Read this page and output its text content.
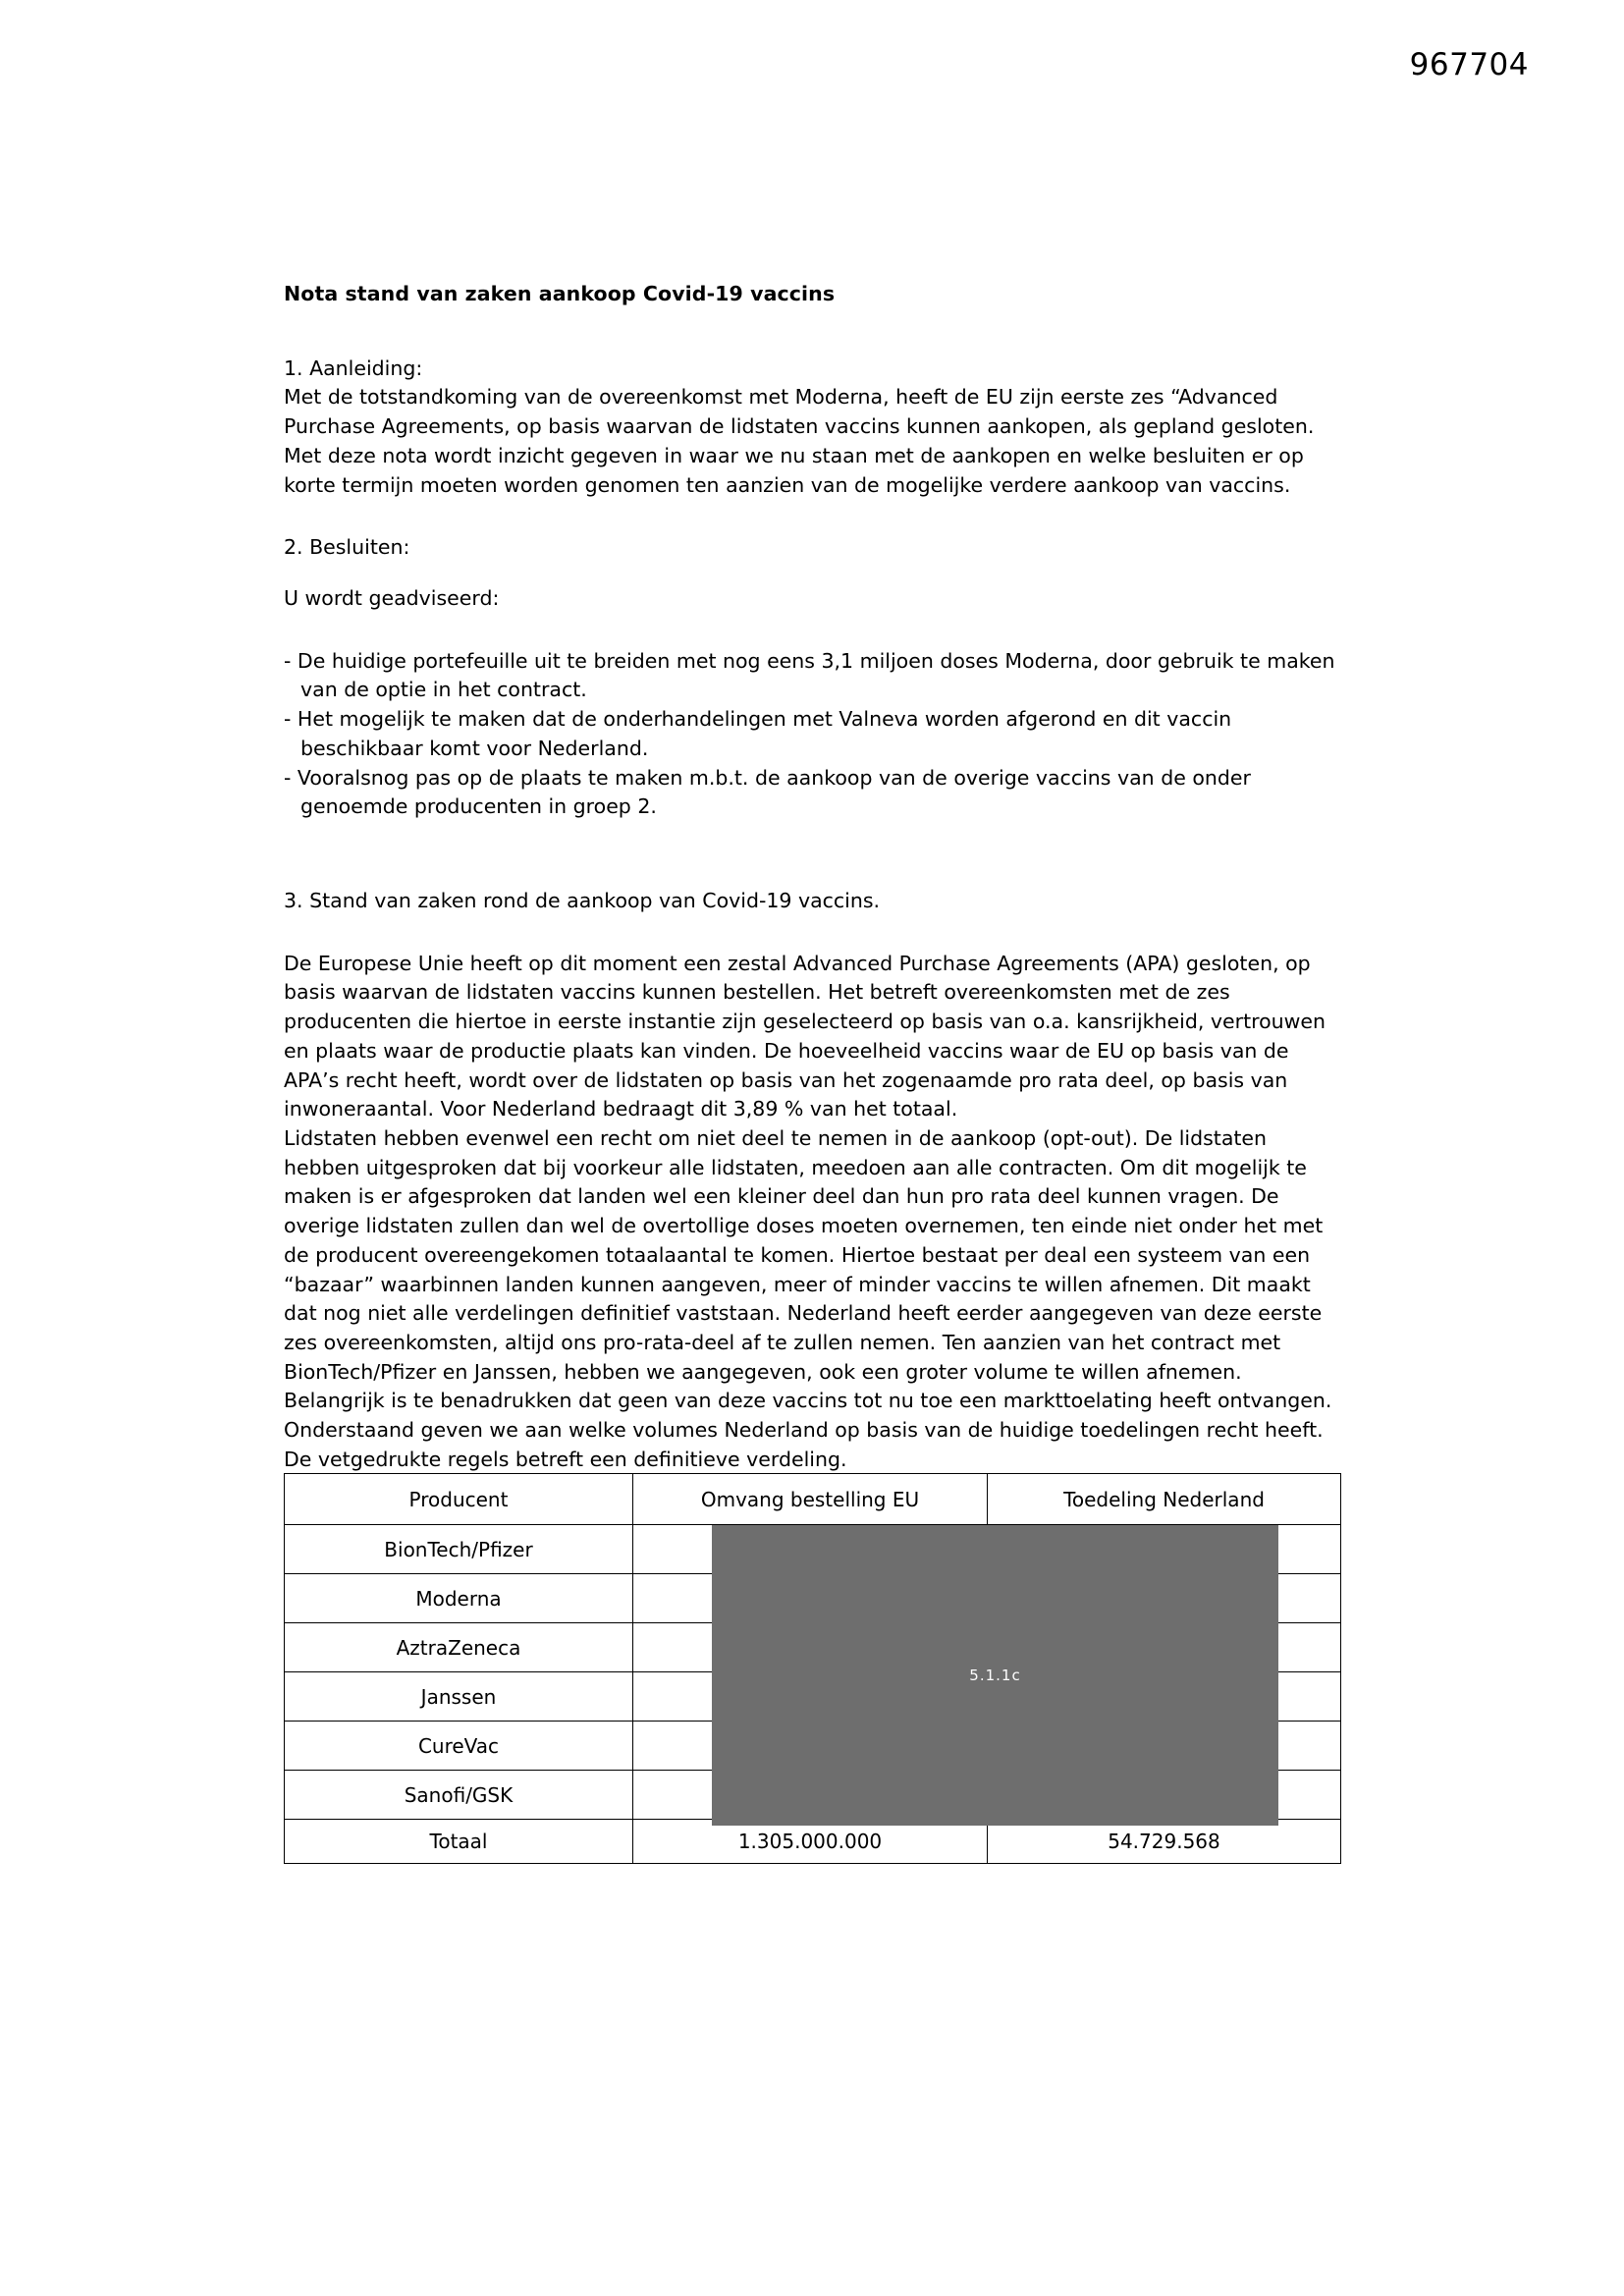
967704
Nota stand van zaken aankoop Covid-19 vaccins
1. Aanleiding:

Met de totstandkoming van de overeenkomst met Moderna, heeft de EU zijn eerste zes “Advanced Purchase Agreements, op basis waarvan de lidstaten vaccins kunnen aankopen, als gepland gesloten. Met deze nota wordt inzicht gegeven in waar we nu staan met de aankopen en welke besluiten er op korte termijn moeten worden genomen ten aanzien van de mogelijke verdere aankoop van vaccins.

2. Besluiten:

U wordt geadviseerd:

- De huidige portefeuille uit te breiden met nog eens 3,1 miljoen doses Moderna, door gebruik te maken van de optie in het contract.
- Het mogelijk te maken dat de onderhandelingen met Valneva worden afgerond en dit vaccin beschikbaar komt voor Nederland.
- Vooralsnog pas op de plaats te maken m.b.t. de aankoop van de overige vaccins van de onder genoemde producenten in groep 2.
3. Stand van zaken rond de aankoop van Covid-19 vaccins.

De Europese Unie heeft op dit moment een zestal Advanced Purchase Agreements (APA) gesloten, op basis waarvan de lidstaten vaccins kunnen bestellen. Het betreft overeenkomsten met de zes producenten die hiertoe in eerste instantie zijn geselecteerd op basis van o.a. kansrijkheid, vertrouwen en plaats waar de productie plaats kan vinden. De hoeveelheid vaccins waar de EU op basis van de APA’s recht heeft, wordt over de lidstaten op basis van het zogenaamde pro rata deel, op basis van inwoneraantal. Voor Nederland bedraagt dit 3,89 % van het totaal.

Lidstaten hebben evenwel een recht om niet deel te nemen in de aankoop (opt-out). De lidstaten hebben uitgesproken dat bij voorkeur alle lidstaten, meedoen aan alle contracten. Om dit mogelijk te maken is er afgesproken dat landen wel een kleiner deel dan hun pro rata deel kunnen vragen. De overige lidstaten zullen dan wel de overtollige doses moeten overnemen, ten einde niet onder het met de producent overeengekomen totaalaantal te komen. Hiertoe bestaat per deal een systeem van een “bazaar” waarbinnen landen kunnen aangeven, meer of minder vaccins te willen afnemen. Dit maakt dat nog niet alle verdelingen definitief vaststaan. Nederland heeft eerder aangegeven van deze eerste zes overeenkomsten, altijd ons pro-rata-deel af te zullen nemen. Ten aanzien van het contract met BionTech/Pfizer en Janssen, hebben we aangegeven, ook een groter volume te willen afnemen. Belangrijk is te benadrukken dat geen van deze vaccins tot nu toe een markttoelating heeft ontvangen. Onderstaand geven we aan welke volumes Nederland op basis van de huidige toedelingen recht heeft. De vetgedrukte regels betreft een definitieve verdeling.

Producent	Omvang bestelling EU	Toedeling Nederland
BionTech/Pfizer		
Moderna		
AztraZeneca		
Janssen		
CureVac		
Sanofi/GSK		
Totaal	1.305.000.000	54.729.568
5.1.1c
